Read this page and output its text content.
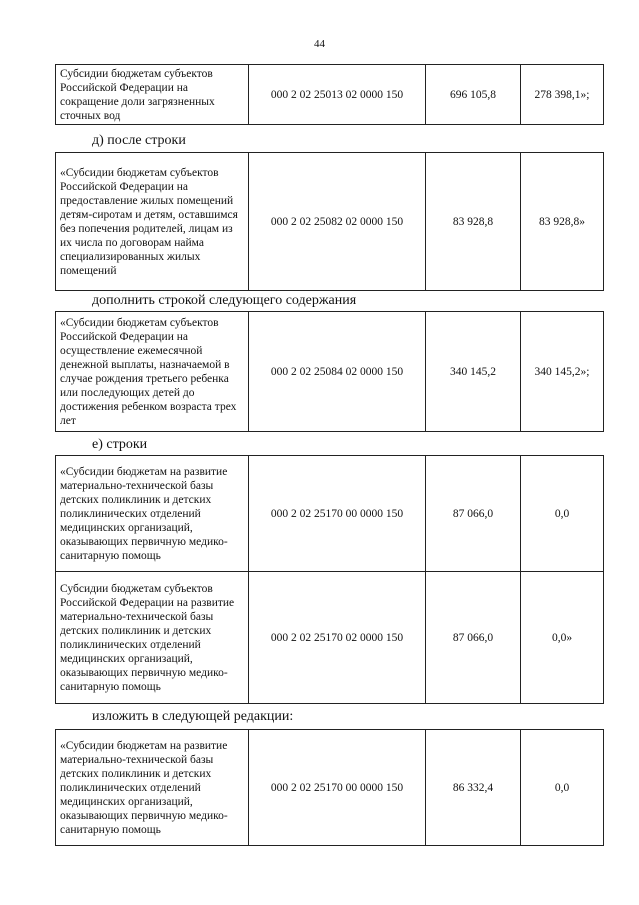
44
Субсидии бюджетам субъектов Российской Федерации на сокращение доли загрязненных сточных вод	000 2 02 25013 02 0000 150	696 105,8	278 398,1»;
д) после строки
«Субсидии бюджетам субъектов Российской Федерации на предоставление жилых помещений детям-сиротам и детям, оставшимся без попечения родителей, лицам из их числа по договорам найма специализированных жилых помещений	000 2 02 25082 02 0000 150	83 928,8	83 928,8»
дополнить строкой следующего содержания
«Субсидии бюджетам субъектов Российской Федерации на осуществление ежемесячной денежной выплаты, назначаемой в случае рождения третьего ребенка или последующих детей до достижения ребенком возраста трех лет	000 2 02 25084 02 0000 150	340 145,2	340 145,2»;
е) строки
«Субсидии бюджетам на развитие материально-технической базы детских поликлиник и детских поликлинических отделений медицинских организаций, оказывающих первичную медико-санитарную помощь	000 2 02 25170 00 0000 150	87 066,0	0,0
Субсидии бюджетам субъектов Российской Федерации на развитие материально-технической базы детских поликлиник и детских поликлинических отделений медицинских организаций, оказывающих первичную медико-санитарную помощь	000 2 02 25170 02 0000 150	87 066,0	0,0»
изложить в следующей редакции:
«Субсидии бюджетам на развитие материально-технической базы детских поликлиник и детских поликлинических отделений медицинских организаций, оказывающих первичную медико-санитарную помощь	000 2 02 25170 00 0000 150	86 332,4	0,0
